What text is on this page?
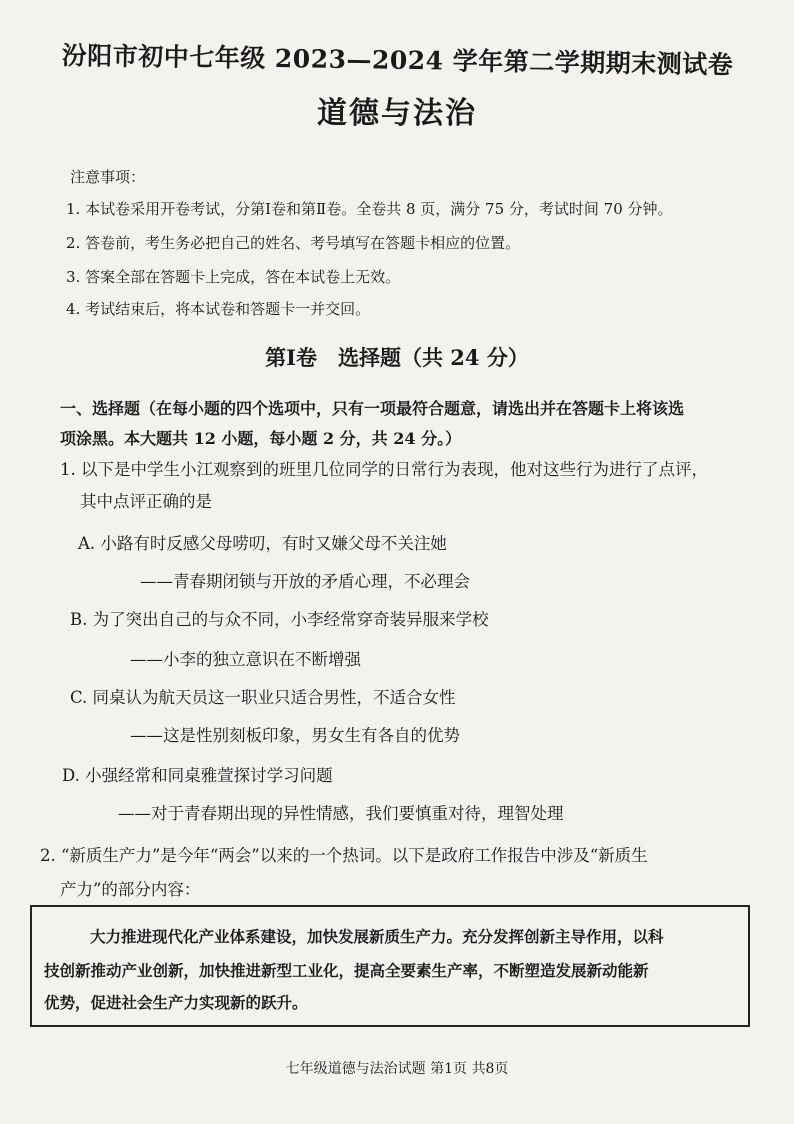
汾阳市初中七年级 2023—2024 学年第二学期期末测试卷
道德与法治
注意事项：
1. 本试卷采用开卷考试，分第Ⅰ卷和第Ⅱ卷。全卷共 8 页，满分 75 分，考试时间 70 分钟。
2. 答卷前，考生务必把自己的姓名、考号填写在答题卡相应的位置。
3. 答案全部在答题卡上完成，答在本试卷上无效。
4. 考试结束后，将本试卷和答题卡一并交回。
第Ⅰ卷　选择题（共 24 分）
一、选择题（在每小题的四个选项中，只有一项最符合题意，请选出并在答题卡上将该选
项涂黑。本大题共 12 小题，每小题 2 分，共 24 分。）
1. 以下是中学生小江观察到的班里几位同学的日常行为表现，他对这些行为进行了点评，
其中点评正确的是
A. 小路有时反感父母唠叨，有时又嫌父母不关注她
——青春期闭锁与开放的矛盾心理，不必理会
B. 为了突出自己的与众不同，小李经常穿奇装异服来学校
——小李的独立意识在不断增强
C. 同桌认为航天员这一职业只适合男性，不适合女性
——这是性别刻板印象，男女生有各自的优势
D. 小强经常和同桌雅萱探讨学习问题
——对于青春期出现的异性情感，我们要慎重对待，理智处理
2. “新质生产力”是今年“两会”以来的一个热词。以下是政府工作报告中涉及“新质生
产力”的部分内容：
大力推进现代化产业体系建设，加快发展新质生产力。充分发挥创新主导作用，以科
技创新推动产业创新，加快推进新型工业化，提高全要素生产率，不断塑造发展新动能新
优势，促进社会生产力实现新的跃升。
七年级道德与法治试题 第1页 共8页
